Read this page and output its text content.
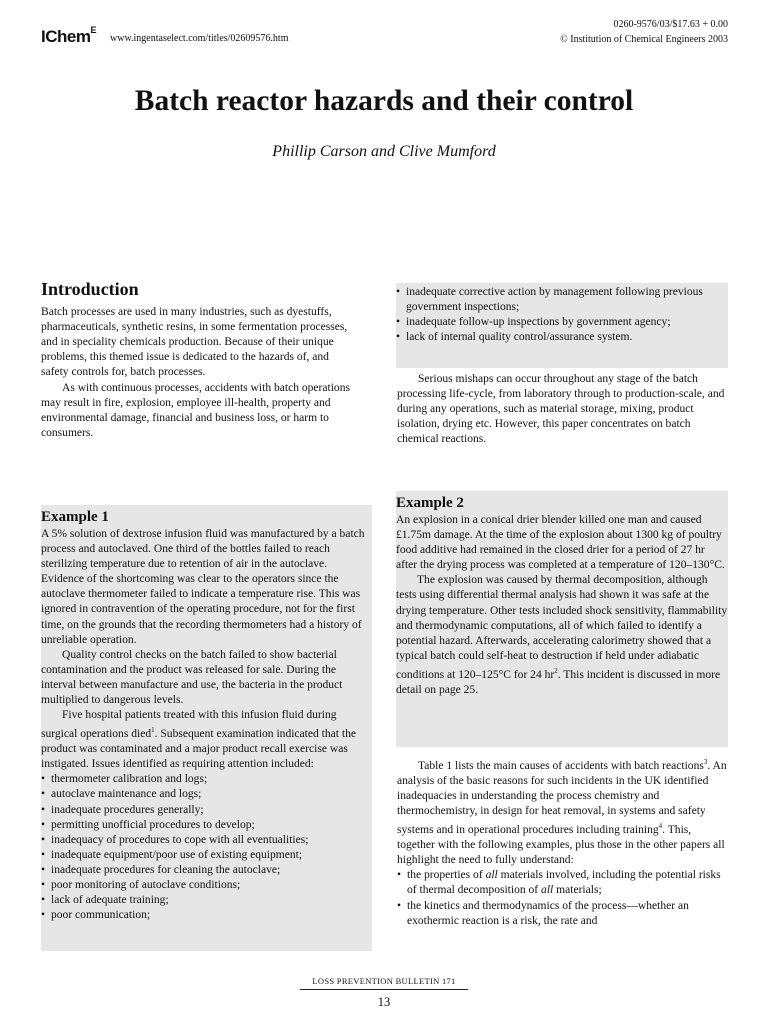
IChem$^E$
www.ingentaselect.com/titles/02609576.htm
0260-9576/03/$17.63 + 0.00
© Institution of Chemical Engineers 2003
Batch reactor hazards and their control
Phillip Carson and Clive Mumford
Introduction

Batch processes are used in many industries, such as dyestuffs, pharmaceuticals, synthetic resins, in some fermentation processes, and in speciality chemicals production. Because of their unique problems, this themed issue is dedicated to the hazards of, and safety controls for, batch processes.

As with continuous processes, accidents with batch operations may result in fire, explosion, employee ill-health, property and environmental damage, financial and business loss, or harm to consumers.

Example 1

A 5% solution of dextrose infusion fluid was manufactured by a batch process and autoclaved. One third of the bottles failed to reach sterilizing temperature due to retention of air in the autoclave. Evidence of the shortcoming was clear to the operators since the autoclave thermometer failed to indicate a temperature rise. This was ignored in contravention of the operating procedure, not for the first time, on the grounds that the recording thermometers had a history of unreliable operation.

Quality control checks on the batch failed to show bacterial contamination and the product was released for sale. During the interval between manufacture and use, the bacteria in the product multiplied to dangerous levels.

Five hospital patients treated with this infusion fluid during surgical operations died$^1$. Subsequent examination indicated that the product was contaminated and a major product recall exercise was instigated. Issues identified as requiring attention included:

• thermometer calibration and logs;
• autoclave maintenance and logs;
• inadequate procedures generally;
• permitting unofficial procedures to develop;
• inadequacy of procedures to cope with all eventualities;
• inadequate equipment/poor use of existing equipment;
• inadequate procedures for cleaning the autoclave;
• poor monitoring of autoclave conditions;
• lack of adequate training;
• poor communication;
• inadequate corrective action by management following previous government inspections;
• inadequate follow-up inspections by government agency;
• lack of internal quality control/assurance system.

Serious mishaps can occur throughout any stage of the batch processing life-cycle, from laboratory through to production-scale, and during any operations, such as material storage, mixing, product isolation, drying etc. However, this paper concentrates on batch chemical reactions.

Example 2

An explosion in a conical drier blender killed one man and caused £1.75m damage. At the time of the explosion about 1300 kg of poultry food additive had remained in the closed drier for a period of 27 hr after the drying process was completed at a temperature of 120–130°C.

The explosion was caused by thermal decomposition, although tests using differential thermal analysis had shown it was safe at the drying temperature. Other tests included shock sensitivity, flammability and thermodynamic computations, all of which failed to identify a potential hazard. Afterwards, accelerating calorimetry showed that a typical batch could self-heat to destruction if held under adiabatic conditions at 120–125°C for 24 $hr^2$. This incident is discussed in more detail on page 25.

Table 1 lists the main causes of accidents with batch reactions$^3$. An analysis of the basic reasons for such incidents in the UK identified inadequacies in understanding the process chemistry and thermochemistry, in design for heat removal, in systems and safety systems and in operational procedures including training$^4$. This, together with the following examples, plus those in the other papers all highlight the need to fully understand:

• the properties of all materials involved, including the potential risks of thermal decomposition of all materials;
• the kinetics and thermodynamics of the process—whether an exothermic reaction is a risk, the rate and
LOSS PREVENTION BULLETIN 171
13
